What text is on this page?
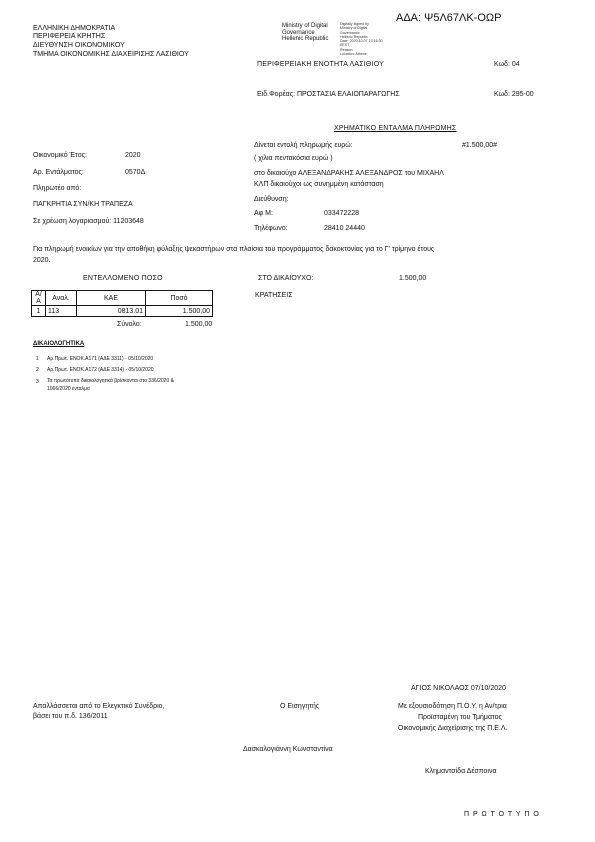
ΑΔΑ: Ψ5Λ67ΛΚ-ΟΩΡ
ΕΛΛΗΝΙΚΗ ΔΗΜΟΚΡΑΤΙΑ
ΠΕΡΙΦΕΡΕΙΑ ΚΡΗΤΗΣ
ΔΙΕΥΘΥΝΣΗ ΟΙΚΟΝΟΜΙΚΟΥ
ΤΜΗΜΑ ΟΙΚΟΝΟΜΙΚΗΣ ΔΙΑΧΕΙΡΙΣΗΣ ΛΑΣΙΘΙΟΥ
Ministry of Digital
Governance
Hellenic Republic
Digitally signed by
Ministry of Digital
Governance
Hellenic Republic
Date: 2020.10.07 13:16:30
EEST
Reason:
Location: Athens
ΠΕΡΙΦΕΡΕΙΑΚΗ ΕΝΟΤΗΤΑ ΛΑΣΙΘΙΟΥ	Κωδ: 04
Ειδ.Φορέας: ΠΡΟΣΤΑΣΙΑ ΕΛΑΙΟΠΑΡΑΓΩΓΗΣ	Κωδ: 295-00
ΧΡΗΜΑΤΙΚΟ ΕΝΤΑΛΜΑ ΠΛΗΡΩΜΗΣ
Δίνεται εντολή πληρωμής ευρώ:	#1.500,00#
( χίλια πεντακόσια ευρώ )
Οικονομικό Έτος:	2020
Αρ. Εντάλματος:	0570Δ
Πληρωτέο από:
ΠΑΓΚΡΗΤΙΑ ΣΥΝ/ΚΗ ΤΡΑΠΕΖΑ
Σε χρέωση λογαριασμού: 11203648
στο δικαιούχο ΑΛΕΞΑΝΔΡΑΚΗΣ ΑΛΕΞΑΝΔΡΟΣ του ΜΙΧΑΗΛ
ΚΛΠ δικαιούχοι ως συνημμένη κατάσταση
Διεύθυνση:
Αφ Μ:	033472228
Τηλέφωνο:	28410 24440
Για πληρωμή ενοικίων για την αποθήκη φύλαξης ψεκαστήρων στα πλαίσια του προγράμματος δακοκτονίας για το Γ' τρίμηνο έτους
2020.
ΕΝΤΕΛΛΟΜΕΝΟ ΠΟΣΟ	ΣΤΟ ΔΙΚΑΙΟΥΧΟ:	1.500,00
ΚΡΑΤΗΣΕΙΣ
Α/Α	Αναλ.	ΚΑΕ	Ποσό
1	113	0813.01	1.500,00
Σύνολο:	1.500,00
ΔΙΚΑΙΟΛΟΓΗΤΙΚΑ
1 Αρ.Πρωτ. ΕΝΟΚ.Α171 (ΑΔΕ 3311) - 05/10/2020
2 Αρ.Πρωτ. ΕΝΟΚ.Α172 (ΑΔΕ 3314) - 05/10/2020
3 Τα πρωτότυπα δικαιολογητικά βρίσκονται στο 336/2020 &
1066/2020 ένταλμα
ΑΓΙΟΣ ΝΙΚΟΛΑΟΣ 07/10/2020
Απαλλάσσεται από το Ελεγκτικό Συνέδριο,
βάσει του π.δ. 136/2011
Ο Εισηγητής	Με εξουσιοδότηση Π.Ο.Υ. η Αν/τρια
Προϊσταμένη του Τμήματος
Οικονομικής Διαχείρισης της Π.Ε.Λ.
Δασκαλογιάννη Κωνσταντίνα
Κλημαντσίδα Δέσποινα
Π Ρ Ω Τ Ο Τ Υ Π Ο
